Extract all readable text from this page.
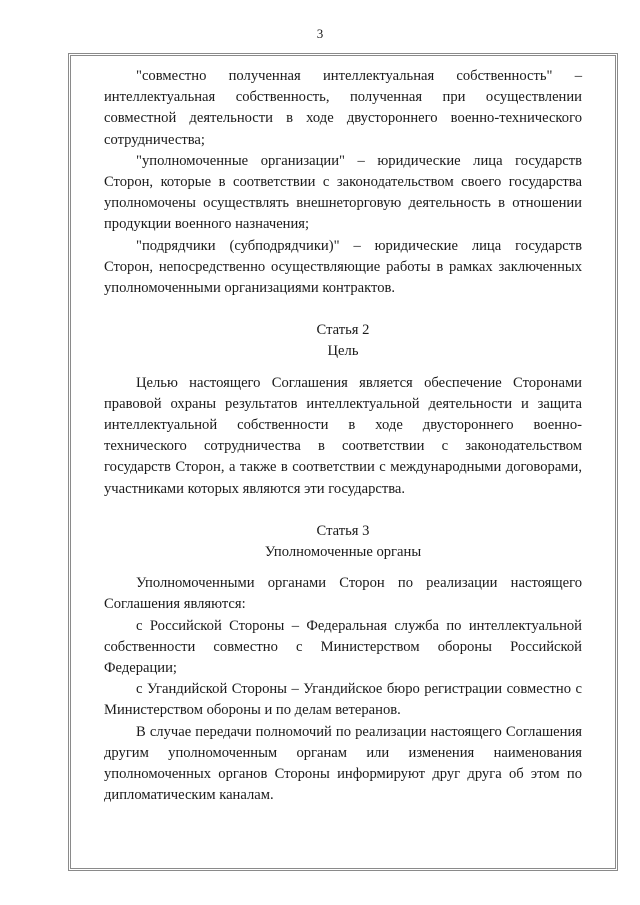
3

"совместно полученная интеллектуальная собственность" – интеллектуальная собственность, полученная при осуществлении совместной деятельности в ходе двустороннего военно-технического сотрудничества;

"уполномоченные организации" – юридические лица государств Сторон, которые в соответствии с законодательством своего государства уполномочены осуществлять внешнеторговую деятельность в отношении продукции военного назначения;

"подрядчики (субподрядчики)" – юридические лица государств Сторон, непосредственно осуществляющие работы в рамках заключенных уполномоченными организациями контрактов.

Статья 2
Цель

Целью настоящего Соглашения является обеспечение Сторонами правовой охраны результатов интеллектуальной деятельности и защита интеллектуальной собственности в ходе двустороннего военно-технического сотрудничества в соответствии с законодательством государств Сторон, а также в соответствии с международными договорами, участниками которых являются эти государства.

Статья 3
Уполномоченные органы

Уполномоченными органами Сторон по реализации настоящего Соглашения являются:

с Российской Стороны – Федеральная служба по интеллектуальной собственности совместно с Министерством обороны Российской Федерации;

с Угандийской Стороны – Угандийское бюро регистрации совместно с Министерством обороны и по делам ветеранов.

В случае передачи полномочий по реализации настоящего Соглашения другим уполномоченным органам или изменения наименования уполномоченных органов Стороны информируют друг друга об этом по дипломатическим каналам.
